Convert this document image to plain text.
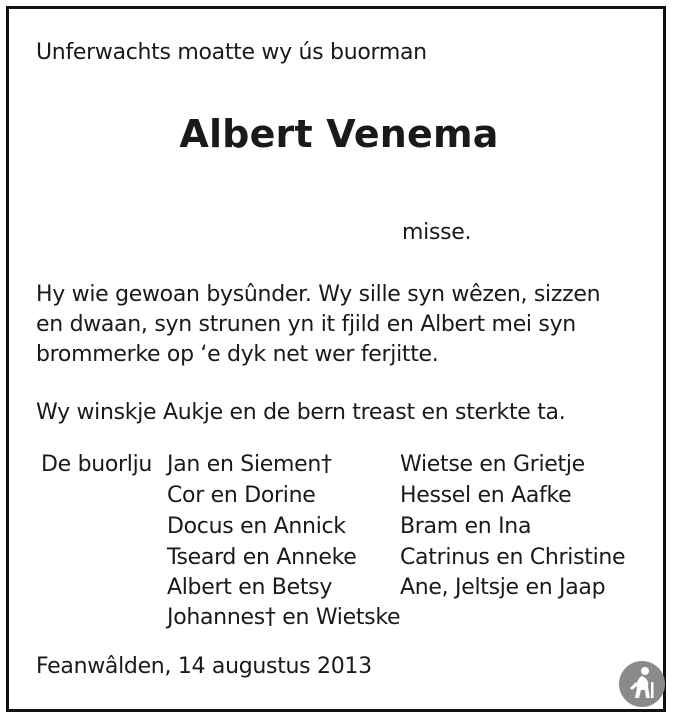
Unferwachts moatte wy ús buorman
Albert Venema
misse.
Hy wie gewoan bysûnder. Wy sille syn wêzen, sizzen
en dwaan, syn strunen yn it fjild en Albert mei syn
brommerke op ‘e dyk net wer ferjitte.
Wy winskje Aukje en de bern treast en sterkte ta.
De buorlju Jan en Siemen†
Cor en Dorine
Docus en Annick
Tseard en Anneke
Albert en Betsy
Johannes† en Wietske
Wietse en Grietje
Hessel en Aafke
Bram en Ina
Catrinus en Christine
Ane, Jeltsje en Jaap
Feanwâlden, 14 augustus 2013
